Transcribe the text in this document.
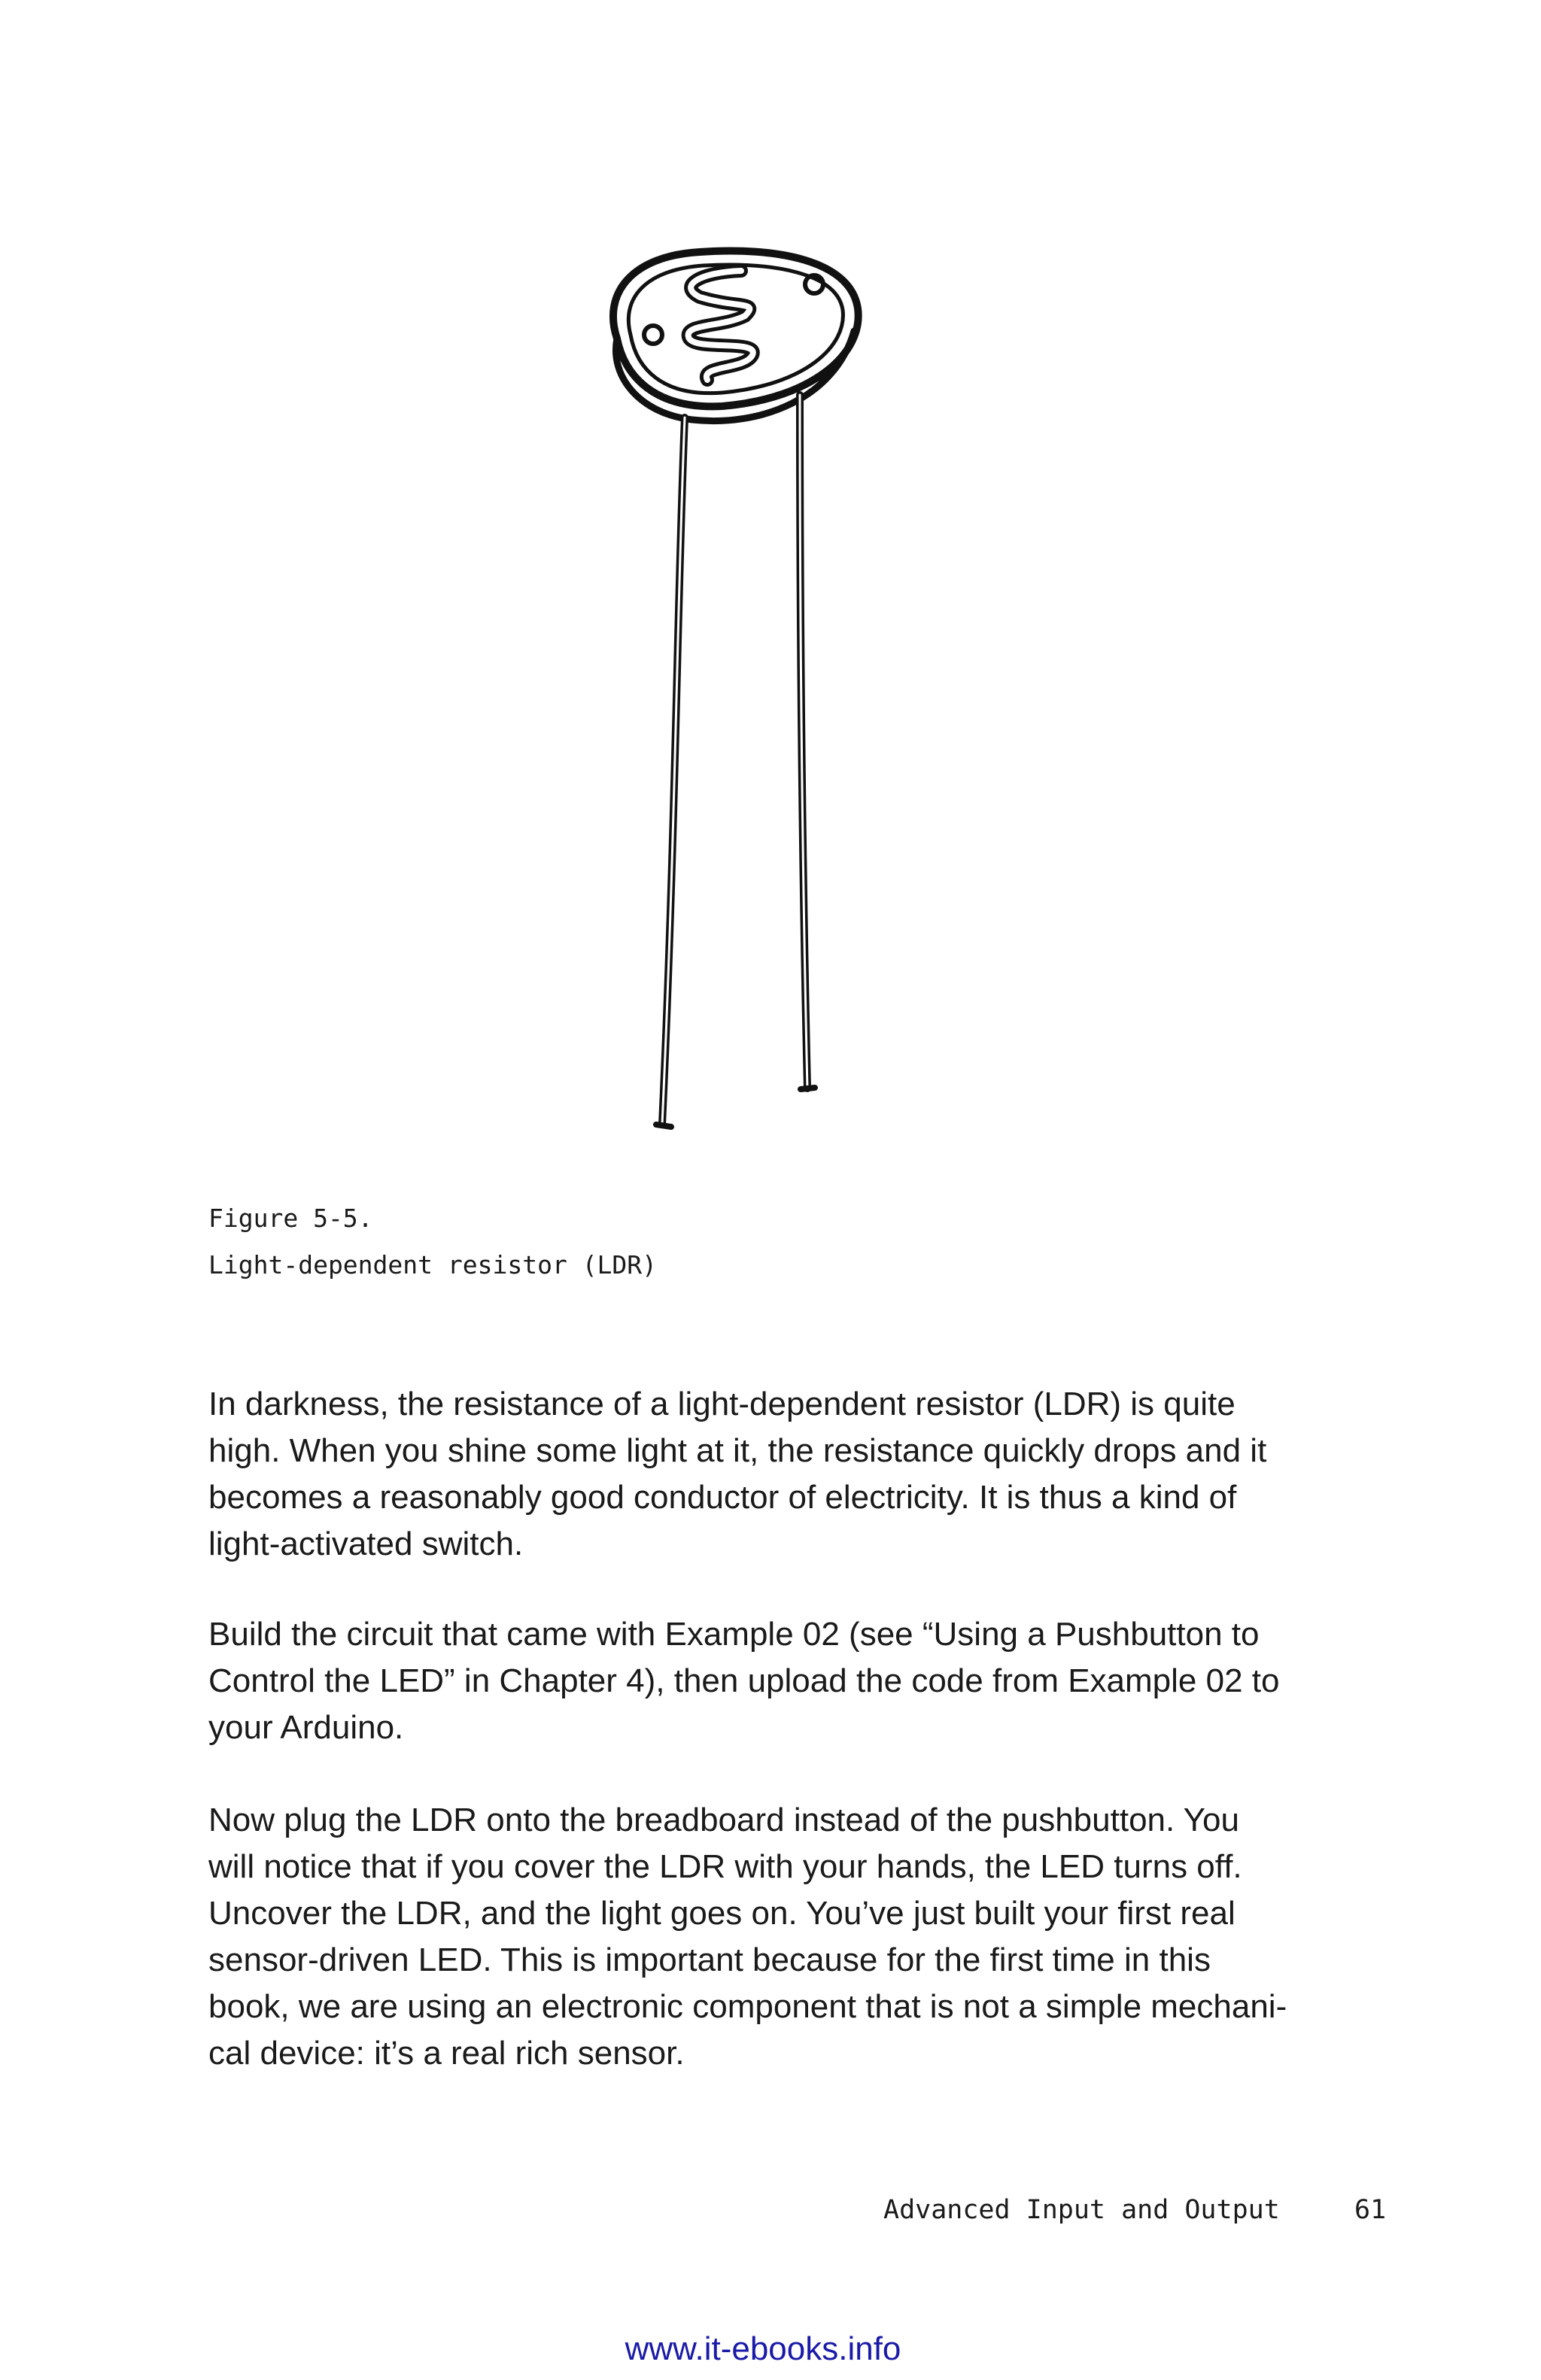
Figure 5-5.
Light-dependent resistor (LDR)

In darkness, the resistance of a light-dependent resistor (LDR) is quite
high. When you shine some light at it, the resistance quickly drops and it
becomes a reasonably good conductor of electricity. It is thus a kind of
light-activated switch.

Build the circuit that came with Example 02 (see “Using a Pushbutton to
Control the LED” in Chapter 4), then upload the code from Example 02 to
your Arduino.

Now plug the LDR onto the breadboard instead of the pushbutton. You
will notice that if you cover the LDR with your hands, the LED turns off.
Uncover the LDR, and the light goes on. You’ve just built your first real
sensor-driven LED. This is important because for the first time in this
book, we are using an electronic component that is not a simple mechani-
cal device: it’s a real rich sensor.

Advanced Input and Output	61
www.it-ebooks.info
